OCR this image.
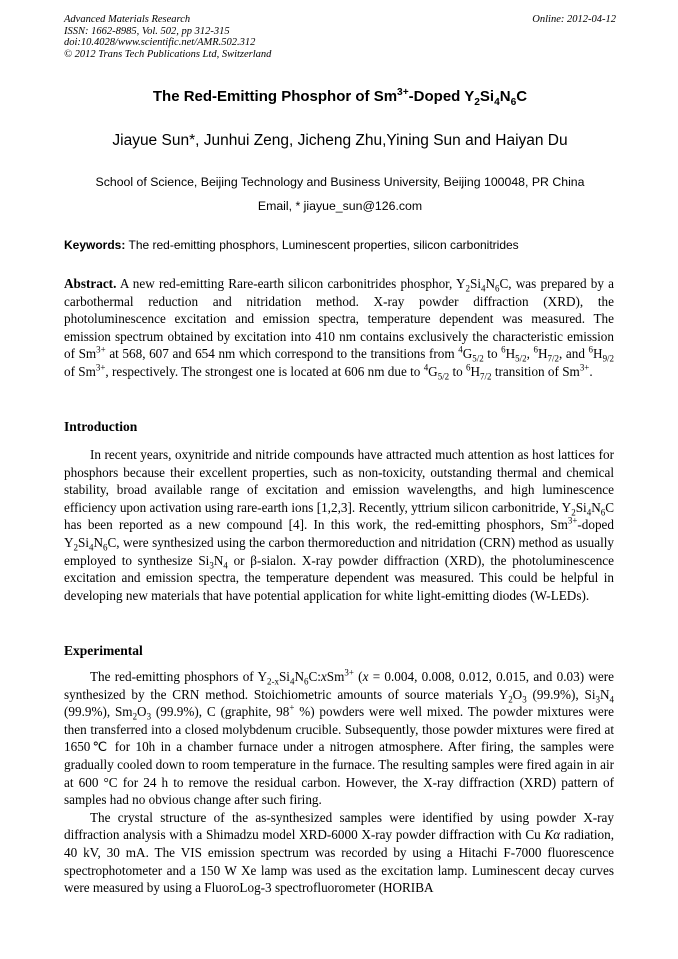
Advanced Materials Research	Online: 2012-04-12
ISSN: 1662-8985, Vol. 502, pp 312-315
doi:10.4028/www.scientific.net/AMR.502.312
© 2012 Trans Tech Publications Ltd, Switzerland
The Red-Emitting Phosphor of $Sm^{3+}$-Doped $Y_2Si_4N_6C$
Jiayue Sun*, Junhui Zeng, Jicheng Zhu,Yining Sun and Haiyan Du
School of Science, Beijing Technology and Business University, Beijing 100048, PR China
Email, * jiayue_sun@126.com
Keywords: The red-emitting phosphors, Luminescent properties, silicon carbonitrides

Abstract. A new red-emitting Rare-earth silicon carbonitrides phosphor, $Y_2Si_4N_6C$, was prepared by a carbothermal reduction and nitridation method. X-ray powder diffraction (XRD), the photoluminescence excitation and emission spectra, temperature dependent was measured. The emission spectrum obtained by excitation into 410 nm contains exclusively the characteristic emission of $Sm^{3+}$ at 568, 607 and 654 nm which correspond to the transitions from $^4G_{5/2}$ to $^6H_{5/2}$, $^6H_{7/2}$, and $^6H_{9/2}$ of $Sm^{3+}$, respectively. The strongest one is located at 606 nm due to $^4G_{5/2}$ to $^6H_{7/2}$ transition of $Sm^{3+}$.

Introduction

In recent years, oxynitride and nitride compounds have attracted much attention as host lattices for phosphors because their excellent properties, such as non-toxicity, outstanding thermal and chemical stability, broad available range of excitation and emission wavelengths, and high luminescence efficiency upon activation using rare-earth ions [1,2,3]. Recently, yttrium silicon carbonitride, $Y_2Si_4N_6C$ has been reported as a new compound [4]. In this work, the red-emitting phosphors, $Sm^{3+}$-doped $Y_2Si_4N_6C$, were synthesized using the carbon thermoreduction and nitridation (CRN) method as usually employed to synthesize $Si_3N_4$ or β-sialon. X-ray powder diffraction (XRD), the photoluminescence excitation and emission spectra, the temperature dependent was measured. This could be helpful in developing new materials that have potential application for white light-emitting diodes (W-LEDs).

Experimental

The red-emitting phosphors of $Y_{2-x}Si_4N_6C:xSm^{3+}$ (x = 0.004, 0.008, 0.012, 0.015, and 0.03) were synthesized by the CRN method. Stoichiometric amounts of source materials $Y_2O_3$ (99.9%), $Si_3N_4$ (99.9%), $Sm_2O_3$ (99.9%), C (graphite, 98+ %) powders were well mixed. The powder mixtures were then transferred into a closed molybdenum crucible. Subsequently, those powder mixtures were fired at 1650℃ for 10h in a chamber furnace under a nitrogen atmosphere. After firing, the samples were gradually cooled down to room temperature in the furnace. The resulting samples were fired again in air at 600 °C for 24 h to remove the residual carbon. However, the X-ray diffraction (XRD) pattern of samples had no obvious change after such firing.

The crystal structure of the as-synthesized samples were identified by using powder X-ray diffraction analysis with a Shimadzu model XRD-6000 X-ray powder diffraction with Cu Kα radiation, 40 kV, 30 mA. The VIS emission spectrum was recorded by using a Hitachi F-7000 fluorescence spectrophotometer and a 150 W Xe lamp was used as the excitation lamp. Luminescent decay curves were measured by using a FluoroLog-3 spectrofluorometer (HORIBA
